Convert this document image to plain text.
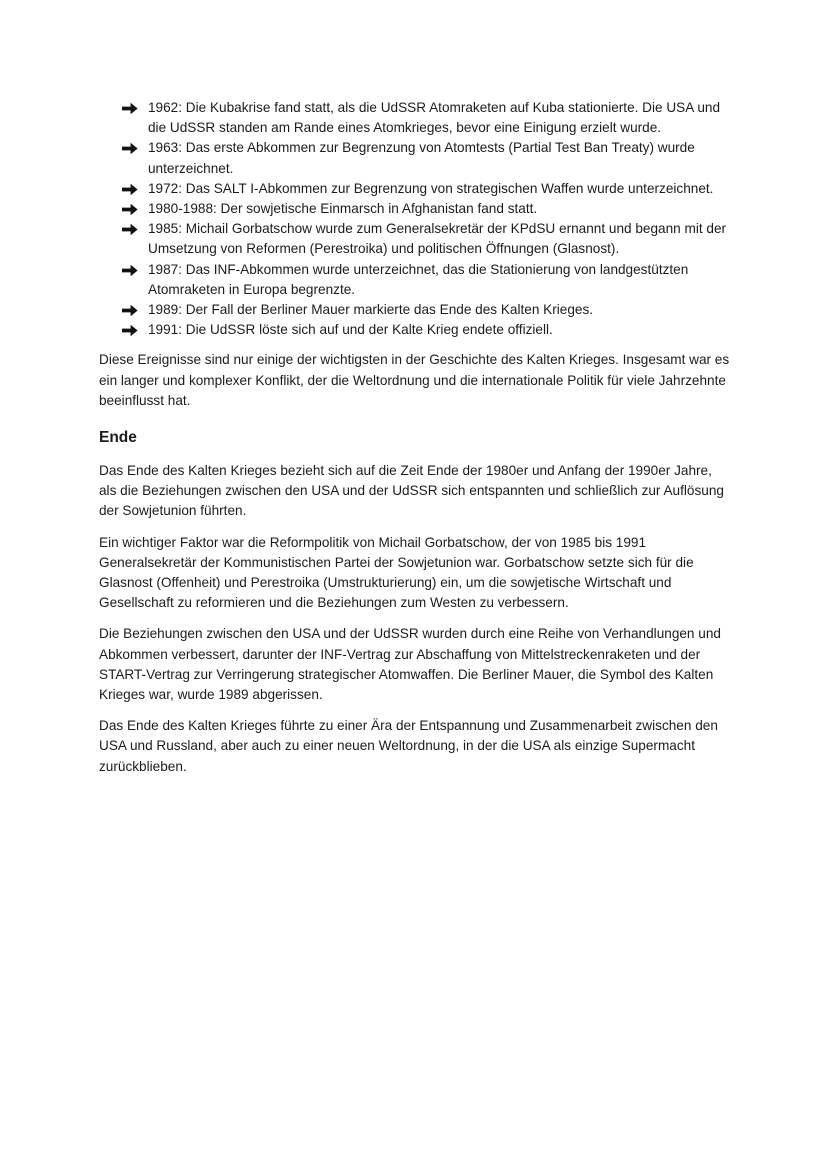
1962: Die Kubakrise fand statt, als die UdSSR Atomraketen auf Kuba stationierte. Die USA und die UdSSR standen am Rande eines Atomkrieges, bevor eine Einigung erzielt wurde.
1963: Das erste Abkommen zur Begrenzung von Atomtests (Partial Test Ban Treaty) wurde unterzeichnet.
1972: Das SALT I-Abkommen zur Begrenzung von strategischen Waffen wurde unterzeichnet.
1980-1988: Der sowjetische Einmarsch in Afghanistan fand statt.
1985: Michail Gorbatschow wurde zum Generalsekretär der KPdSU ernannt und begann mit der Umsetzung von Reformen (Perestroika) und politischen Öffnungen (Glasnost).
1987: Das INF-Abkommen wurde unterzeichnet, das die Stationierung von landgestützten Atomraketen in Europa begrenzte.
1989: Der Fall der Berliner Mauer markierte das Ende des Kalten Krieges.
1991: Die UdSSR löste sich auf und der Kalte Krieg endete offiziell.

Diese Ereignisse sind nur einige der wichtigsten in der Geschichte des Kalten Krieges. Insgesamt war es ein langer und komplexer Konflikt, der die Weltordnung und die internationale Politik für viele Jahrzehnte beeinflusst hat.

Ende

Das Ende des Kalten Krieges bezieht sich auf die Zeit Ende der 1980er und Anfang der 1990er Jahre, als die Beziehungen zwischen den USA und der UdSSR sich entspannten und schließlich zur Auflösung der Sowjetunion führten.

Ein wichtiger Faktor war die Reformpolitik von Michail Gorbatschow, der von 1985 bis 1991 Generalsekretär der Kommunistischen Partei der Sowjetunion war. Gorbatschow setzte sich für die Glasnost (Offenheit) und Perestroika (Umstrukturierung) ein, um die sowjetische Wirtschaft und Gesellschaft zu reformieren und die Beziehungen zum Westen zu verbessern.

Die Beziehungen zwischen den USA und der UdSSR wurden durch eine Reihe von Verhandlungen und Abkommen verbessert, darunter der INF-Vertrag zur Abschaffung von Mittelstreckenraketen und der START-Vertrag zur Verringerung strategischer Atomwaffen. Die Berliner Mauer, die Symbol des Kalten Krieges war, wurde 1989 abgerissen.

Das Ende des Kalten Krieges führte zu einer Ära der Entspannung und Zusammenarbeit zwischen den USA und Russland, aber auch zu einer neuen Weltordnung, in der die USA als einzige Supermacht zurückblieben.
